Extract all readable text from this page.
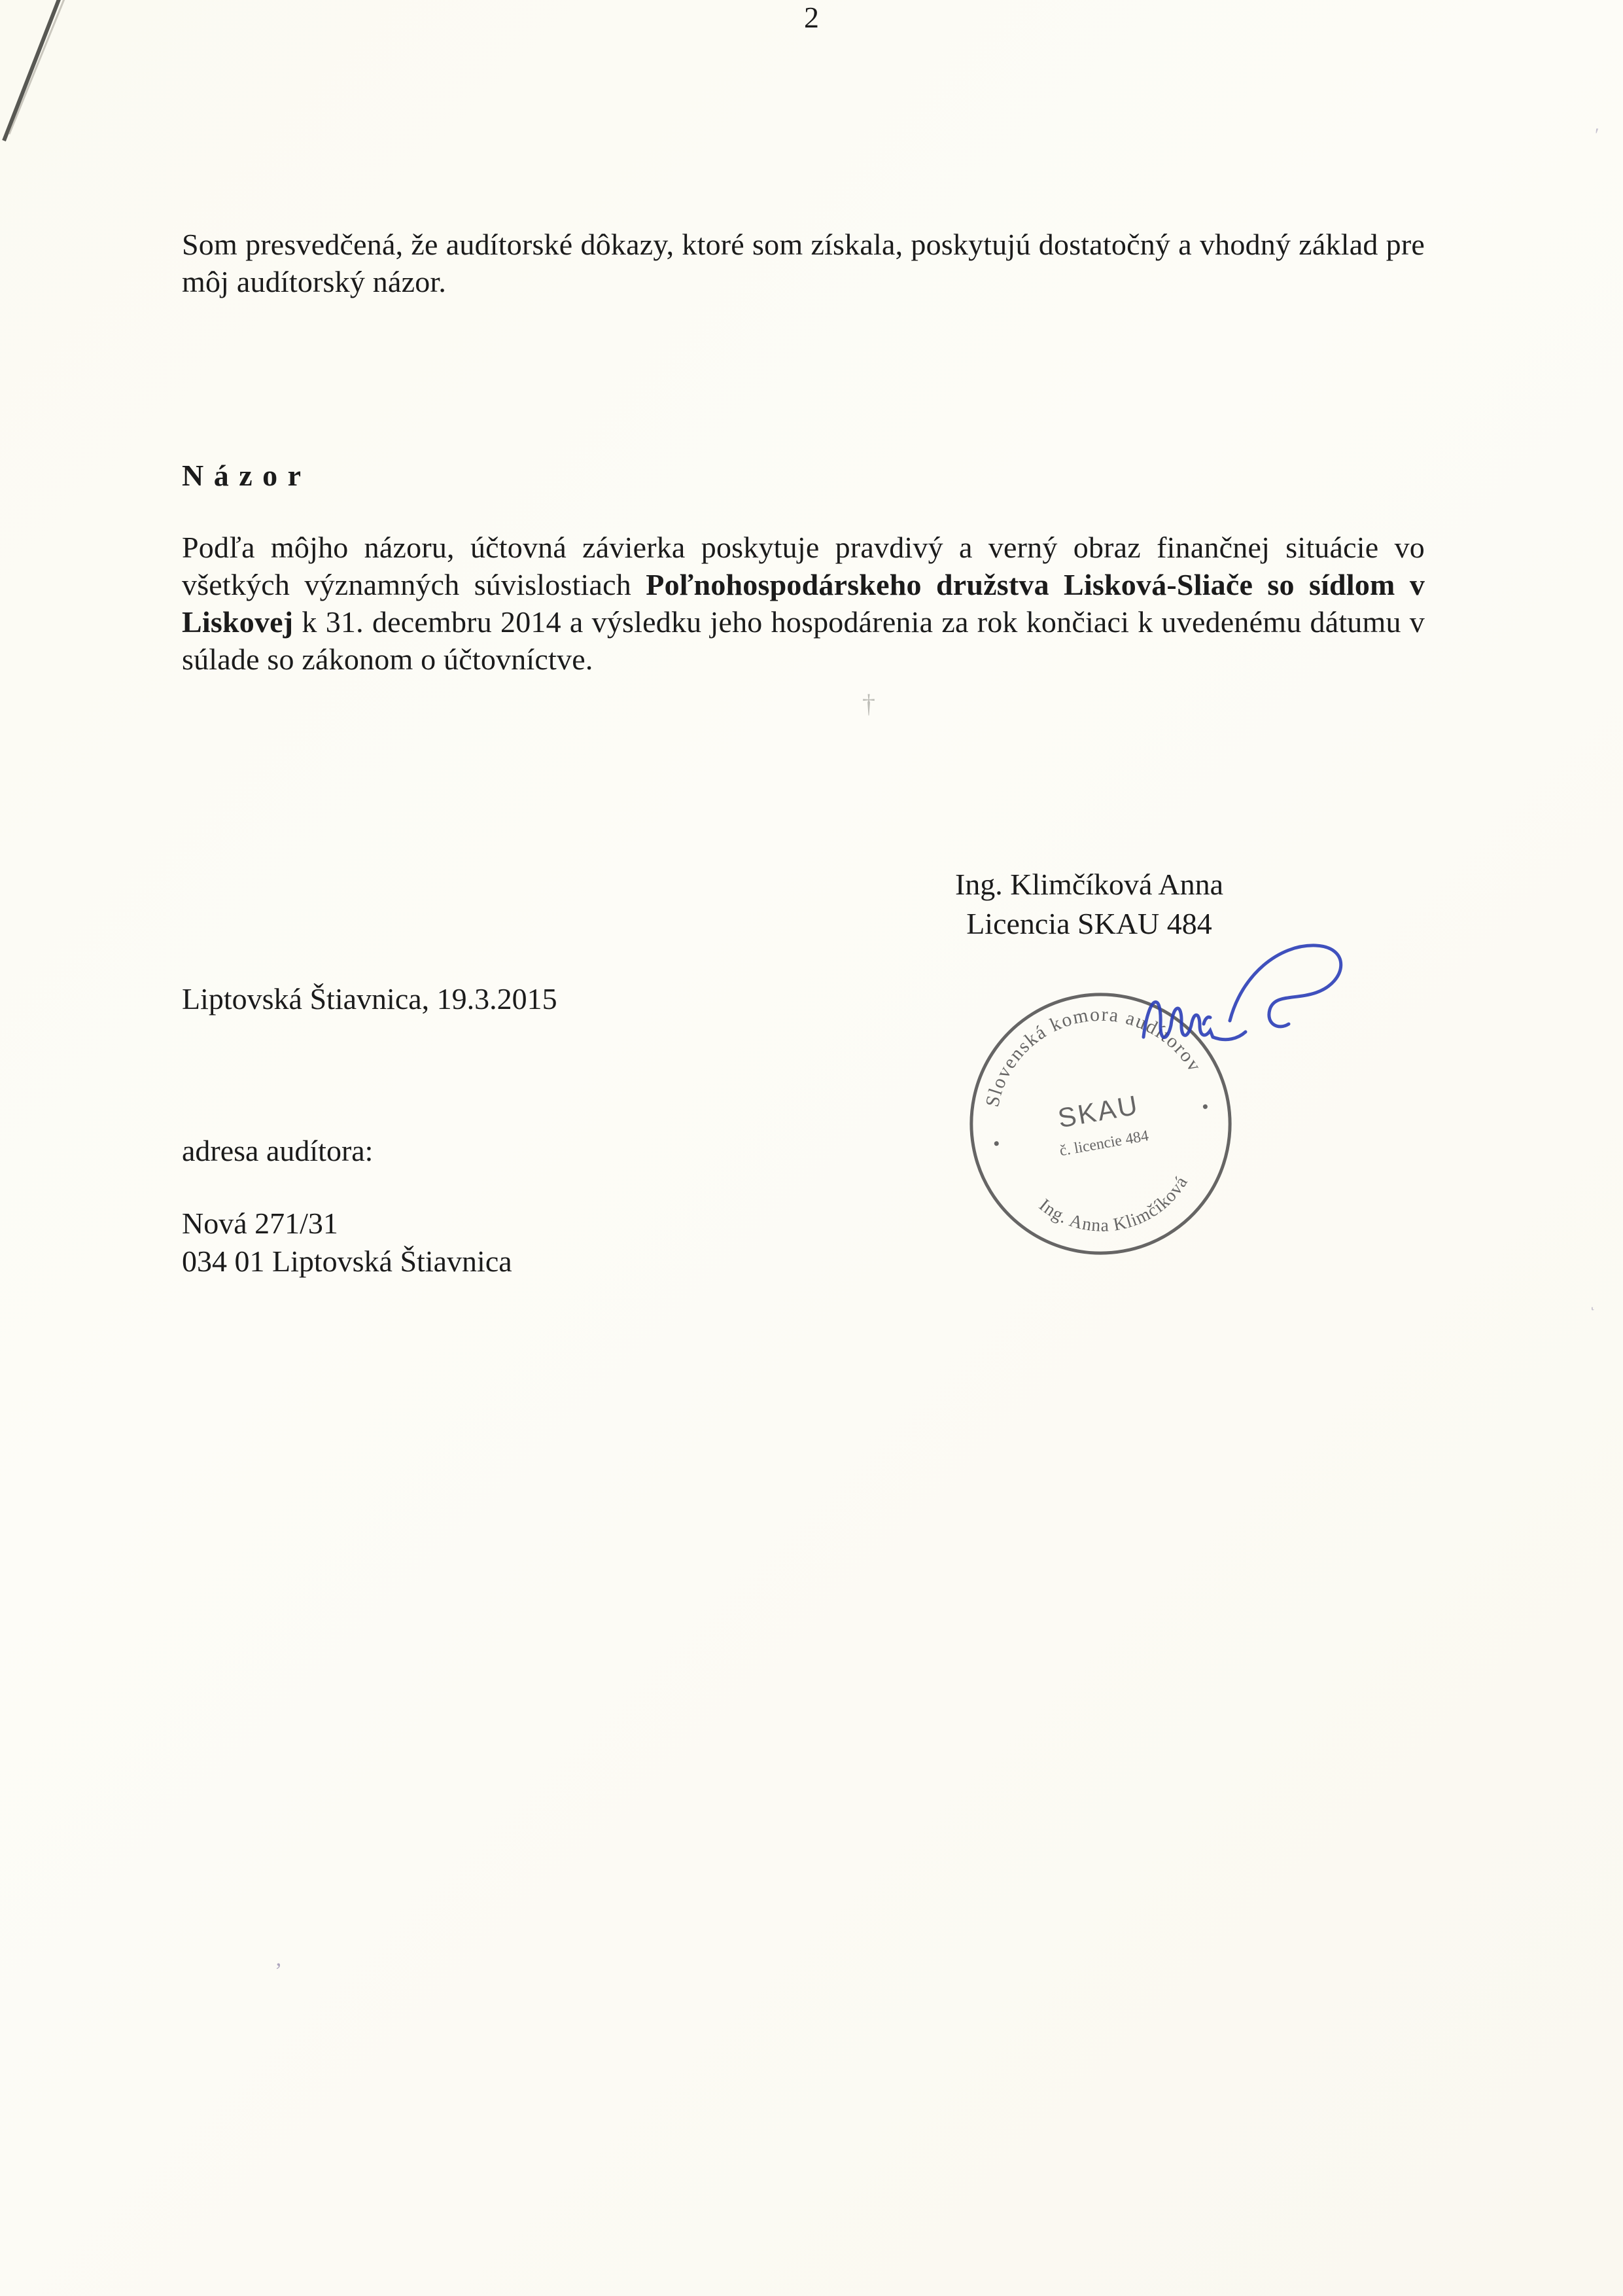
2
Som presvedčená, že audítorské dôkazy, ktoré som získala, poskytujú dostatočný a vhodný základ pre môj audítorský názor.
N á z o r
Podľa môjho názoru, účtovná závierka poskytuje pravdivý a verný obraz finančnej situácie vo všetkých významných súvislostiach Poľnohospodárskeho družstva Lisková-Sliače so sídlom v Liskovej k 31. decembru 2014 a výsledku jeho hospodárenia za rok končiaci k uvedenému dátumu v súlade so zákonom o účtovníctve.
†
Ing. Klimčíková Anna
Licencia SKAU 484
Liptovská Štiavnica, 19.3.2015
Slovenská komora audítorov
Ing. Anna Klimčíková
•
•
SKAU
č. licencie 484
adresa audítora:
Nová 271/31
034 01 Liptovská Štiavnica
‚
ʹ
ͺ
